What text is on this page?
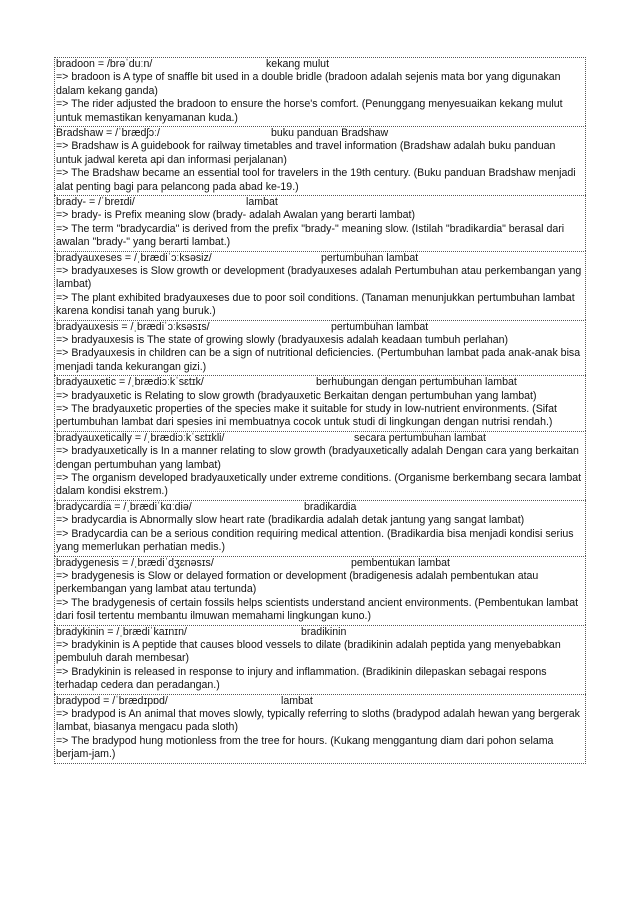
bradoon = /brəˈduːn/	kekang mulut
=> bradoon is A type of snaffle bit used in a double bridle (bradoon adalah sejenis mata bor yang digunakan dalam kekang ganda)
=> The rider adjusted the bradoon to ensure the horse's comfort. (Penunggang menyesuaikan kekang mulut untuk memastikan kenyamanan kuda.)
Bradshaw = /ˈbrædʃɔː/	buku panduan Bradshaw
=> Bradshaw is A guidebook for railway timetables and travel information (Bradshaw adalah buku panduan untuk jadwal kereta api dan informasi perjalanan)
=> The Bradshaw became an essential tool for travelers in the 19th century. (Buku panduan Bradshaw menjadi alat penting bagi para pelancong pada abad ke-19.)
brady- = /ˈbreɪdi/	lambat
=> brady- is Prefix meaning slow (brady- adalah Awalan yang berarti lambat)
=> The term "bradycardia" is derived from the prefix "brady-" meaning slow. (Istilah "bradikardia" berasal dari awalan "brady-" yang berarti lambat.)
bradyauxeses = /ˌbrædiˈɔːksəsiz/	pertumbuhan lambat
=> bradyauxeses is Slow growth or development (bradyauxeses adalah Pertumbuhan atau perkembangan yang lambat)
=> The plant exhibited bradyauxeses due to poor soil conditions. (Tanaman menunjukkan pertumbuhan lambat karena kondisi tanah yang buruk.)
bradyauxesis = /ˌbrædiˈɔːksəsɪs/	pertumbuhan lambat
=> bradyauxesis is The state of growing slowly (bradyauxesis adalah keadaan tumbuh perlahan)
=> Bradyauxesis in children can be a sign of nutritional deficiencies. (Pertumbuhan lambat pada anak-anak bisa menjadi tanda kekurangan gizi.)
bradyauxetic = /ˌbrædiɔːkˈsɛtɪk/	berhubungan dengan pertumbuhan lambat
=> bradyauxetic is Relating to slow growth (bradyauxetic Berkaitan dengan pertumbuhan yang lambat)
=> The bradyauxetic properties of the species make it suitable for study in low-nutrient environments. (Sifat pertumbuhan lambat dari spesies ini membuatnya cocok untuk studi di lingkungan dengan nutrisi rendah.)
bradyauxetically = /ˌbrædiɔːkˈsɛtɪkli/	secara pertumbuhan lambat
=> bradyauxetically is In a manner relating to slow growth (bradyauxetically adalah Dengan cara yang berkaitan dengan pertumbuhan yang lambat)
=> The organism developed bradyauxetically under extreme conditions. (Organisme berkembang secara lambat dalam kondisi ekstrem.)
bradycardia = /ˌbrædiˈkɑːdiə/	bradikardia
=> bradycardia is Abnormally slow heart rate (bradikardia adalah detak jantung yang sangat lambat)
=> Bradycardia can be a serious condition requiring medical attention. (Bradikardia bisa menjadi kondisi serius yang memerlukan perhatian medis.)
bradygenesis = /ˌbrædiˈdʒɛnəsɪs/	pembentukan lambat
=> bradygenesis is Slow or delayed formation or development (bradigenesis adalah pembentukan atau perkembangan yang lambat atau tertunda)
=> The bradygenesis of certain fossils helps scientists understand ancient environments. (Pembentukan lambat dari fosil tertentu membantu ilmuwan memahami lingkungan kuno.)
bradykinin = /ˌbrædiˈkaɪnɪn/	bradikinin
=> bradykinin is A peptide that causes blood vessels to dilate (bradikinin adalah peptida yang menyebabkan pembuluh darah membesar)
=> Bradykinin is released in response to injury and inflammation. (Bradikinin dilepaskan sebagai respons terhadap cedera dan peradangan.)
bradypod = /ˈbrædɪpɒd/	lambat
=> bradypod is An animal that moves slowly, typically referring to sloths (bradypod adalah hewan yang bergerak lambat, biasanya mengacu pada sloth)
=> The bradypod hung motionless from the tree for hours. (Kukang menggantung diam dari pohon selama berjam-jam.)
